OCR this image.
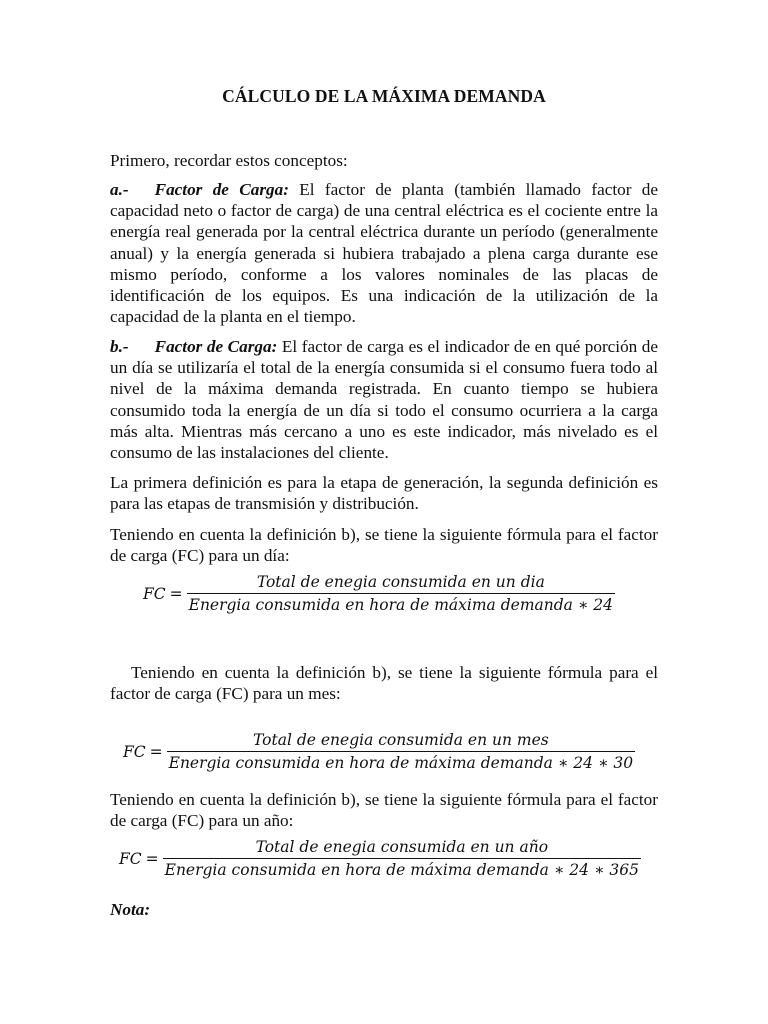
CÁLCULO DE LA MÁXIMA DEMANDA

Primero, recordar estos conceptos:

a.- Factor de Carga: El factor de planta (también llamado factor de capacidad neto o factor de carga) de una central eléctrica es el cociente entre la energía real generada por la central eléctrica durante un período (generalmente anual) y la energía generada si hubiera trabajado a plena carga durante ese mismo período, conforme a los valores nominales de las placas de identificación de los equipos. Es una indicación de la utilización de la capacidad de la planta en el tiempo.

b.- Factor de Carga: El factor de carga es el indicador de en qué porción de un día se utilizaría el total de la energía consumida si el consumo fuera todo al nivel de la máxima demanda registrada. En cuanto tiempo se hubiera consumido toda la energía de un día si todo el consumo ocurriera a la carga más alta. Mientras más cercano a uno es este indicador, más nivelado es el consumo de las instalaciones del cliente.

La primera definición es para la etapa de generación, la segunda definición es para las etapas de transmisión y distribución.

Teniendo en cuenta la definición b), se tiene la siguiente fórmula para el factor de carga (FC) para un día:

FC = $\frac{\text{Total de enegia consumida en un dia}}{\text{Energia consumida en hora de máxima demanda ∗ 24}}$

Teniendo en cuenta la definición b), se tiene la siguiente fórmula para el factor de carga (FC) para un mes:

FC = $\frac{\text{Total de enegia consumida en un mes}}{\text{Energia consumida en hora de máxima demanda ∗ 24 ∗ 30}}$

Teniendo en cuenta la definición b), se tiene la siguiente fórmula para el factor de carga (FC) para un año:

FC = $\frac{\text{Total de enegia consumida en un año}}{\text{Energia consumida en hora de máxima demanda ∗ 24 ∗ 365}}$
Nota:
